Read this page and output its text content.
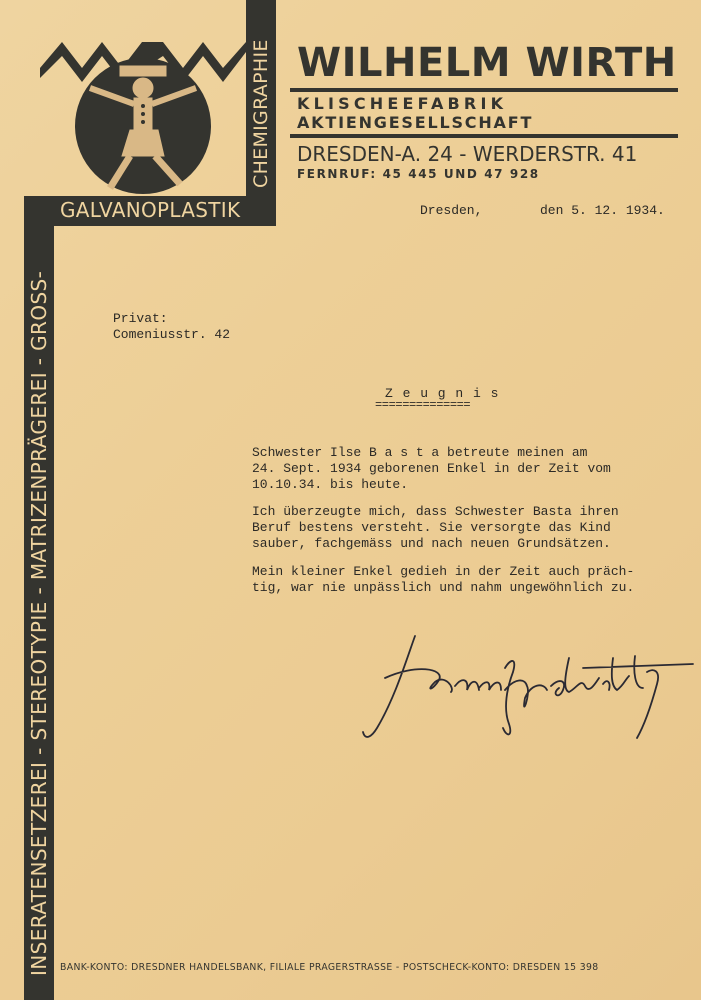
INSERATENSETZEREI - STEREOTYPIE - MATRIZENPRÄGEREI - GROSS-
CHEMIGRAPHIE
GALVANOPLASTIK
WILHELM WIRTH
KLISCHEEFABRIK
AKTIENGESELLSCHAFT
DRESDEN-A. 24 - WERDERSTR. 41
FERNRUF: 45 445 UND 47 928
Dresden,	den 5. 12. 1934.
Privat:
Comeniusstr. 42
Z e u g n i s
==============
Schwester Ilse B a s t a betreute meinen am
24. Sept. 1934 geborenen Enkel in der Zeit vom
10.10.34. bis heute.
Ich überzeugte mich, dass Schwester Basta ihren
Beruf bestens versteht. Sie versorgte das Kind
sauber, fachgemäss und nach neuen Grundsätzen.
Mein kleiner Enkel gedieh in der Zeit auch präch-
tig, war nie unpässlich und nahm ungewöhnlich zu.
BANK-KONTO: DRESDNER HANDELSBANK, FILIALE PRAGERSTRASSE - POSTSCHECK-KONTO: DRESDEN 15 398
